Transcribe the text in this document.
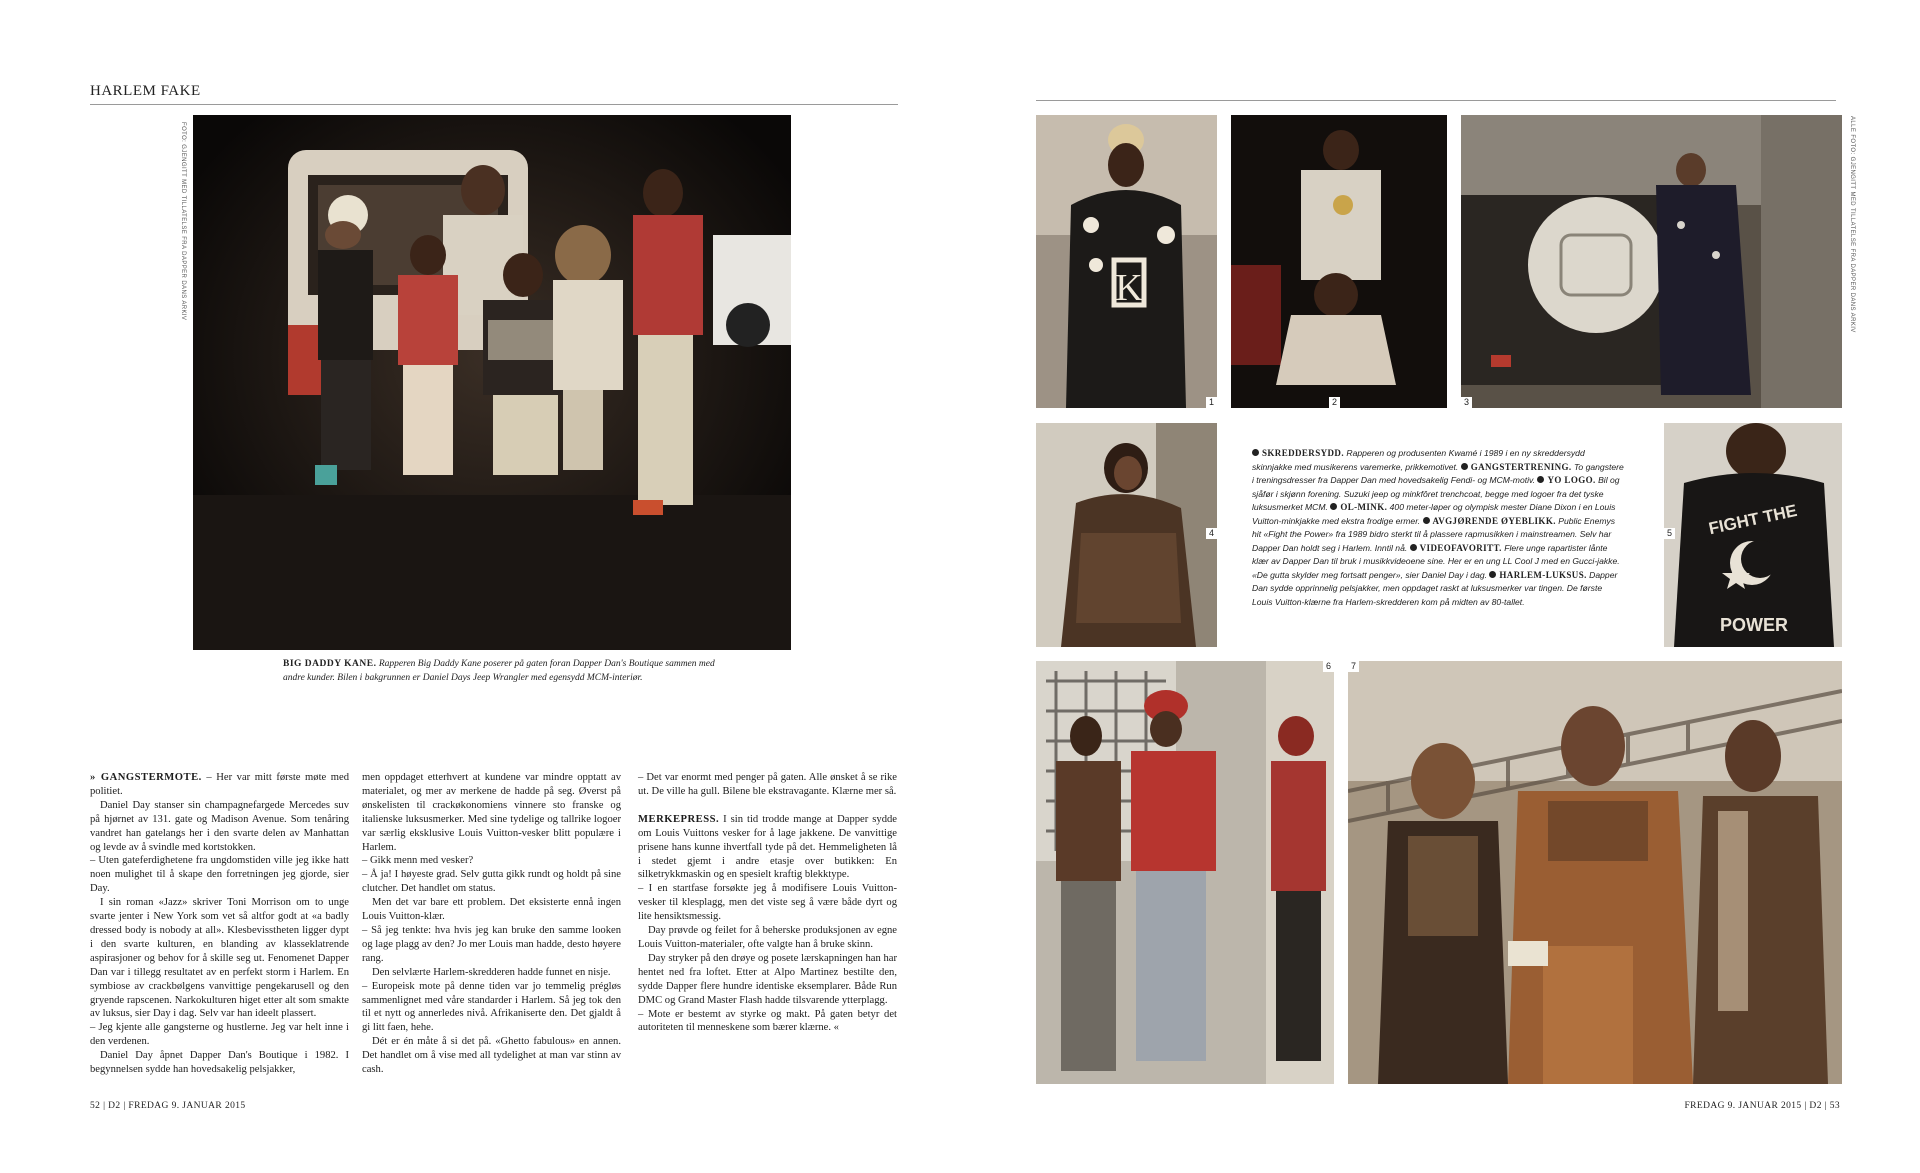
HARLEM FAKE
FOTO: GJENGITT MED TILLATELSE FRA DAPPER DANS ARKIV
BIG DADDY KANE. Rapperen Big Daddy Kane poserer på gaten foran Dapper Dan's Boutique sammen med andre kunder. Bilen i bakgrunnen er Daniel Days Jeep Wrangler med egensydd MCM-interiør.

» GANGSTERMOTE. – Her var mitt første møte med politiet.

Daniel Day stanser sin champagnefargede Mercedes suv på hjørnet av 131. gate og Madison Avenue. Som tenåring vandret han gatelangs her i den svarte delen av Manhattan og levde av å svindle med kortstokken.

– Uten gateferdighetene fra ungdomstiden ville jeg ikke hatt noen mulighet til å skape den forretningen jeg gjorde, sier Day.

I sin roman «Jazz» skriver Toni Morrison om to unge svarte jenter i New York som vet så altfor godt at «a badly dressed body is nobody at all». Klesbevisstheten ligger dypt i den svarte kulturen, en blanding av klasseklatrende aspirasjoner og behov for å skille seg ut. Fenomenet Dapper Dan var i tillegg resultatet av en perfekt storm i Harlem. En symbiose av crackbølgens vanvittige pengekarusell og den gryende rapscenen. Narkokulturen higet etter alt som smakte av luksus, sier Day i dag. Selv var han ideelt plassert.

– Jeg kjente alle gangsterne og hustlerne. Jeg var helt inne i den verdenen.

Daniel Day åpnet Dapper Dan's Boutique i 1982. I begynnelsen sydde han hovedsakelig pelsjakker,

men oppdaget etterhvert at kundene var mindre opptatt av materialet, og mer av merkene de hadde på seg. Øverst på ønskelisten til crackøkonomiens vinnere sto franske og italienske luksusmerker. Med sine tydelige og tallrike logoer var særlig eksklusive Louis Vuitton-vesker blitt populære i Harlem.

– Gikk menn med vesker?

– Å ja! I høyeste grad. Selv gutta gikk rundt og holdt på sine clutcher. Det handlet om status.

Men det var bare ett problem. Det eksisterte ennå ingen Louis Vuitton-klær.

– Så jeg tenkte: hva hvis jeg kan bruke den samme looken og lage plagg av den? Jo mer Louis man hadde, desto høyere rang.

Den selvlærte Harlem-skredderen hadde funnet en nisje.

– Europeisk mote på denne tiden var jo temmelig prégløs sammenlignet med våre standarder i Harlem. Så jeg tok den til et nytt og annerledes nivå. Afrikaniserte den. Det gjaldt å gi litt faen, hehe.

Dét er én måte å si det på. «Ghetto fabulous» en annen. Det handlet om å vise med all tydelighet at man var stinn av cash.

– Det var enormt med penger på gaten. Alle ønsket å se rike ut. De ville ha gull. Bilene ble ekstravagante. Klærne mer så.

MERKEPRESS. I sin tid trodde mange at Dapper sydde om Louis Vuittons vesker for å lage jakkene. De vanvittige prisene hans kunne ihvertfall tyde på det. Hemmeligheten lå i stedet gjemt i andre etasje over butikken: En silketrykkmaskin og en spesielt kraftig blekktype.

– I en startfase forsøkte jeg å modifisere Louis Vuitton-vesker til klesplagg, men det viste seg å være både dyrt og lite hensiktsmessig.

Day prøvde og feilet for å beherske produksjonen av egne Louis Vuitton-materialer, ofte valgte han å bruke skinn.

Day stryker på den drøye og posete lærskapningen han har hentet ned fra loftet. Etter at Alpo Martinez bestilte den, sydde Dapper flere hundre identiske eksemplarer. Både Run DMC og Grand Master Flash hadde tilsvarende ytterplagg.

– Mote er bestemt av styrke og makt. På gaten betyr det autoriteten til menneskene som bærer klærne. «

52 | D2 | FREDAG 9. JANUAR 2015
ALLE FOTO: GJENGITT MED TILLATELSE FRA DAPPER DANS ARKIV
K
1	2	3
4
SKREDDERSYDD. Rapperen og produsenten Kwamé i 1989 i en ny skreddersydd skinnjakke med musikerens varemerke, prikkemotivet. GANGSTERTRENING. To gangstere i treningsdresser fra Dapper Dan med hovedsakelig Fendi- og MCM-motiv. YO LOGO. Bil og sjåfør i skjønn forening. Suzuki jeep og minkfôret trenchcoat, begge med logoer fra det tyske luksusmerket MCM. OL-MINK. 400 meter-løper og olympisk mester Diane Dixon i en Louis Vuitton-minkjakke med ekstra frodige ermer. AVGJØRENDE ØYEBLIKK. Public Enemys hit «Fight the Power» fra 1989 bidro sterkt til å plassere rapmusikken i mainstreamen. Selv har Dapper Dan holdt seg i Harlem. Inntil nå. VIDEOFAVORITT. Flere unge rapartister lånte klær av Dapper Dan til bruk i musikkvideoene sine. Her er en ung LL Cool J med en Gucci-jakke. «De gutta skylder meg fortsatt penger», sier Daniel Day i dag. HARLEM-LUKSUS. Dapper Dan sydde opprinnelig pelsjakker, men oppdaget raskt at luksusmerker var tingen. De første Louis Vuitton-klærne fra Harlem-skredderen kom på midten av 80-tallet.
FIGHT THE
POWER
5
6	7
FREDAG 9. JANUAR 2015 | D2 | 53
